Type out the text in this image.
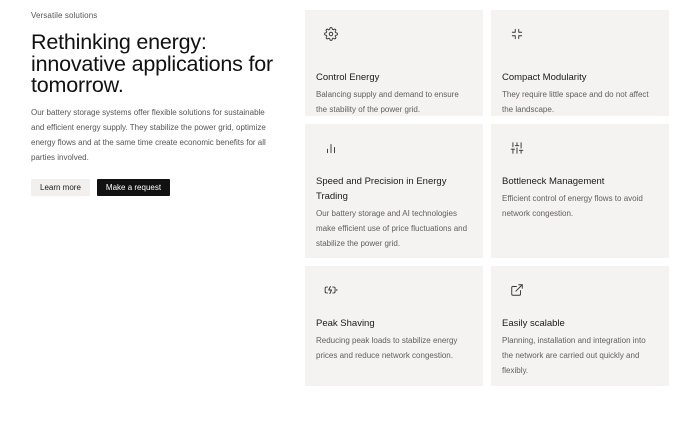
Versatile solutions
Rethinking energy: innovative applications for tomorrow.
Our battery storage systems offer flexible solutions for sustainable and efficient energy supply. They stabilize the power grid, optimize energy flows and at the same time create economic benefits for all parties involved.
Learn more	Make a request
Control Energy
Balancing supply and demand to ensure the stability of the power grid.
Compact Modularity
They require little space and do not affect the landscape.
Speed and Precision in Energy Trading
Our battery storage and AI technologies make efficient use of price fluctuations and stabilize the power grid.
Bottleneck Management
Efficient control of energy flows to avoid network congestion.
Peak Shaving
Reducing peak loads to stabilize energy prices and reduce network congestion.
Easily scalable
Planning, installation and integration into the network are carried out quickly and flexibly.
